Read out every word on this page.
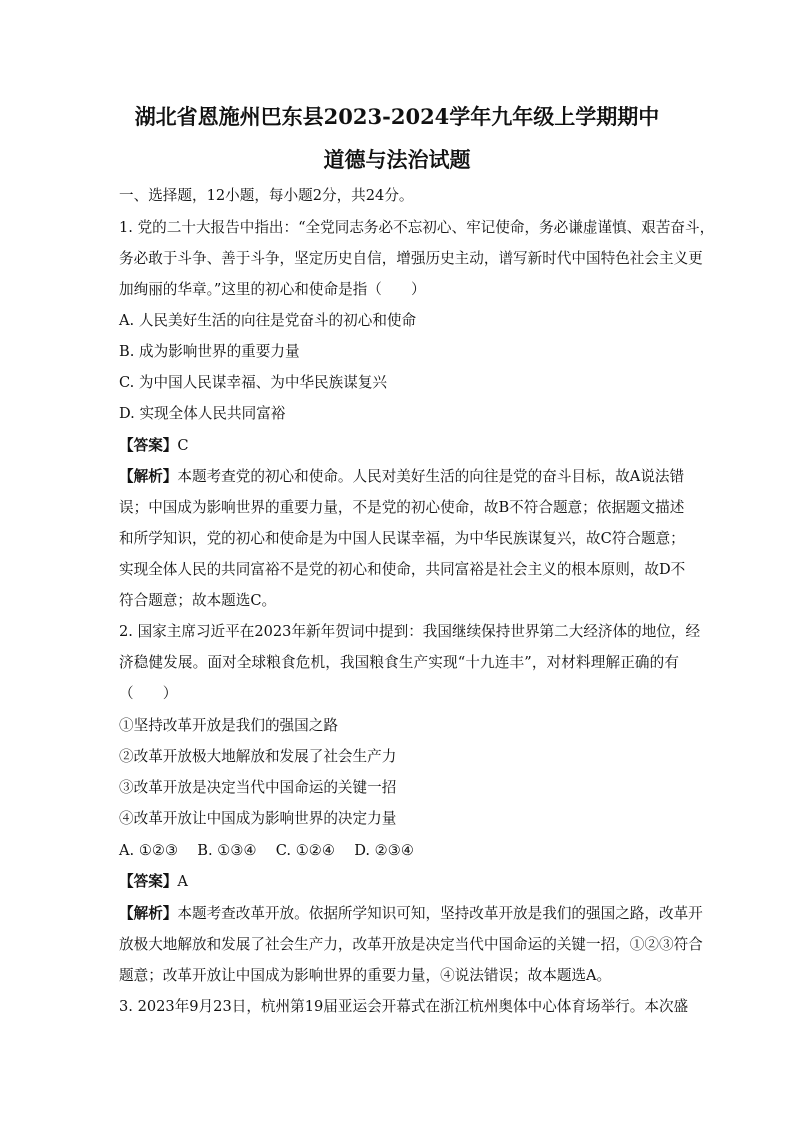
湖北省恩施州巴东县2023-2024学年九年级上学期期中
道德与法治试题
一、选择题，12小题，每小题2分，共24分。
1. 党的二十大报告中指出：“全党同志务必不忘初心、牢记使命，务必谦虚谨慎、艰苦奋斗，
务必敢于斗争、善于斗争，坚定历史自信，增强历史主动，谱写新时代中国特色社会主义更
加绚丽的华章。”这里的初心和使命是指（　　）
A. 人民美好生活的向往是党奋斗的初心和使命
B. 成为影响世界的重要力量
C. 为中国人民谋幸福、为中华民族谋复兴
D. 实现全体人民共同富裕
【答案】C
【解析】本题考查党的初心和使命。人民对美好生活的向往是党的奋斗目标，故A说法错
误；中国成为影响世界的重要力量，不是党的初心使命，故B不符合题意；依据题文描述
和所学知识，党的初心和使命是为中国人民谋幸福，为中华民族谋复兴，故C符合题意；
实现全体人民的共同富裕不是党的初心和使命，共同富裕是社会主义的根本原则，故D不
符合题意；故本题选C。
2. 国家主席习近平在2023年新年贺词中提到：我国继续保持世界第二大经济体的地位，经
济稳健发展。面对全球粮食危机，我国粮食生产实现“十九连丰”，对材料理解正确的有
（　　）
①坚持改革开放是我们的强国之路
②改革开放极大地解放和发展了社会生产力
③改革开放是决定当代中国命运的关键一招
④改革开放让中国成为影响世界的决定力量
A. ①②③　 B. ①③④　 C. ①②④　 D. ②③④
【答案】A
【解析】本题考查改革开放。依据所学知识可知，坚持改革开放是我们的强国之路，改革开
放极大地解放和发展了社会生产力，改革开放是决定当代中国命运的关键一招，①②③符合
题意；改革开放让中国成为影响世界的重要力量，④说法错误；故本题选A。
3. 2023年9月23日，杭州第19届亚运会开幕式在浙江杭州奥体中心体育场举行。本次盛
